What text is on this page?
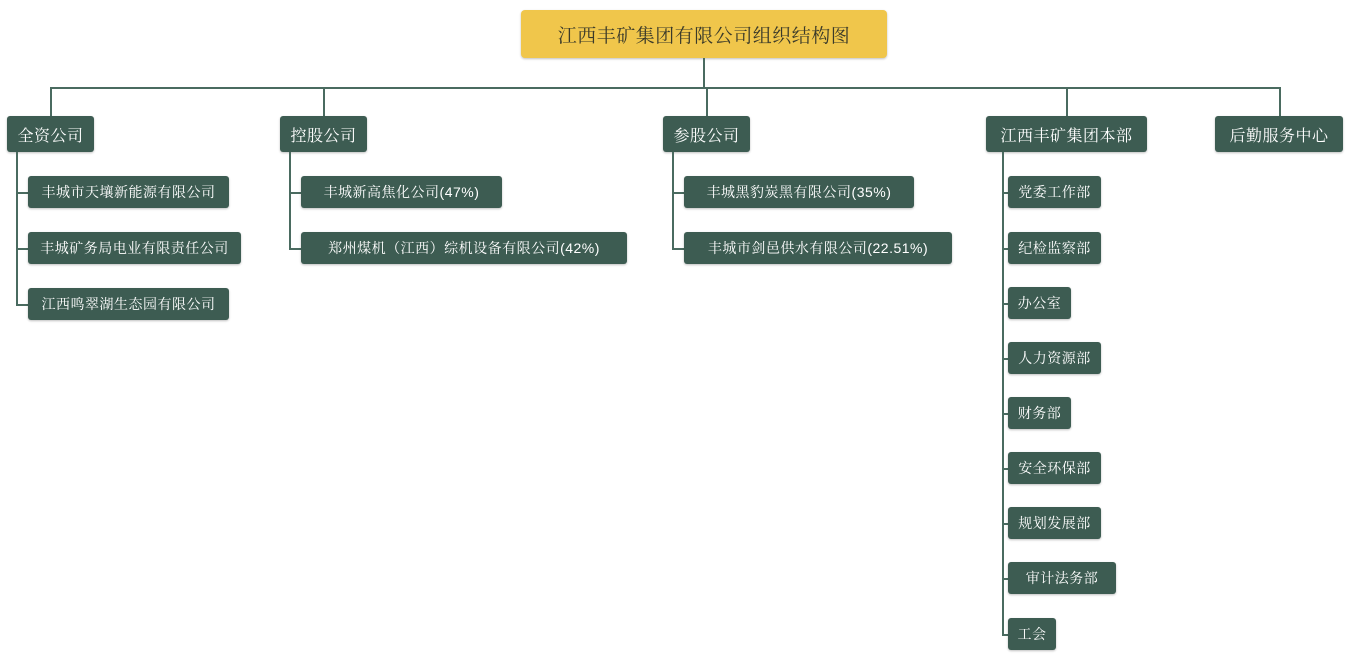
江西丰矿集团有限公司组织结构图
全资公司
丰城市天壤新能源有限公司
丰城矿务局电业有限责任公司
江西鸣翠湖生态园有限公司
控股公司
丰城新高焦化公司(47%)
郑州煤机（江西）综机设备有限公司(42%)
参股公司
丰城黑豹炭黑有限公司(35%)
丰城市剑邑供水有限公司(22.51%)
江西丰矿集团本部
党委工作部
纪检监察部
办公室
人力资源部
财务部
安全环保部
规划发展部
审计法务部
工会
后勤服务中心
